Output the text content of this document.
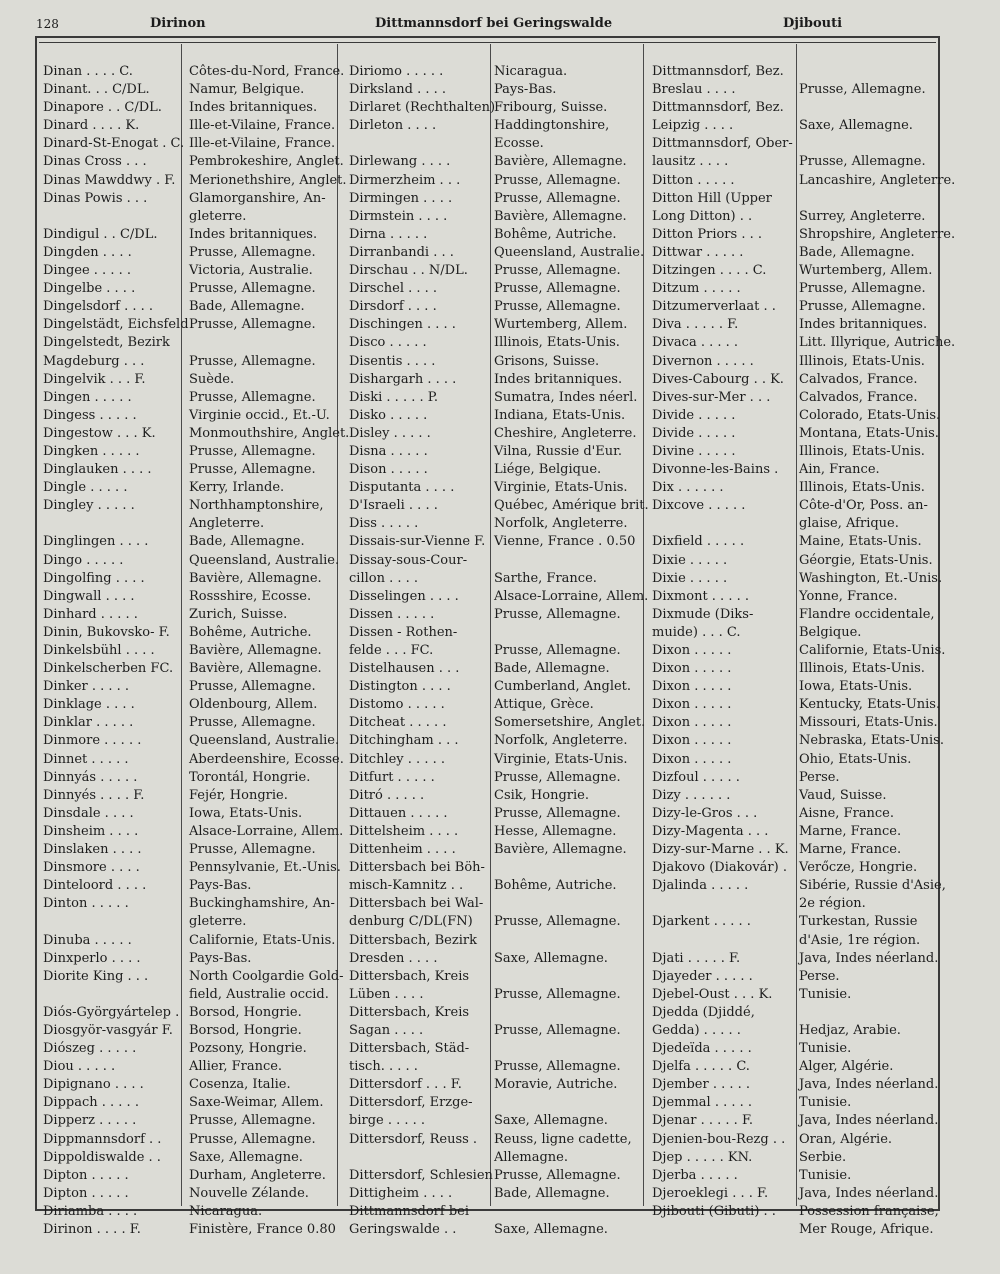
128	Dirinon	Dittmannsdorf bei Geringswalde	Djibouti
Dinan . . . . C.	Côtes-du-Nord, France.
Dinant. . . C/DL.	Namur, Belgique.
Dinapore . . C/DL. Indes britanniques.
Dinard . . . . K.	Ille-et-Vilaine, France.
Dinard-St-Enogat . C. Ille-et-Vilaine, France.
Dinas Cross . . .	Pembrokeshire, Anglet.
Dinas Mawddwy . F. Merionethshire, Anglet.
Dinas Powis . . .	Glamorganshire, An-
gleterre.
Dindigul . . C/DL. Indes britanniques.
Dingden . . . .	Prusse, Allemagne.
Dingee . . . . .	Victoria, Australie.
Dingelbe . . . .	Prusse, Allemagne.
Dingelsdorf . . . .	Bade, Allemagne.
Dingelstädt, Eichsfeld Prusse, Allemagne.
Dingelstedt, Bezirk
Magdeburg . . .	Prusse, Allemagne.
Dingelvik . . . F.	Suède.
Dingen . . . . .	Prusse, Allemagne.
Dingess . . . . .	Virginie occid., Et.-U.
Dingestow . . . K.	Monmouthshire, Anglet.
Dingken . . . . .	Prusse, Allemagne.
Dinglauken . . . .	Prusse, Allemagne.
Dingle . . . . .	Kerry, Irlande.
Dingley . . . . .	Northhamptonshire,
Angleterre.
Dinglingen . . . .	Bade, Allemagne.
Dingo . . . . .	Queensland, Australie.
Dingolfing . . . .	Bavière, Allemagne.
Dingwall . . . .	Rossshire, Ecosse.
Dinhard . . . . .	Zurich, Suisse.
Dinin, Bukovsko- F. Bohême, Autriche.
Dinkelsbühl . . . .	Bavière, Allemagne.
Dinkelscherben FC. Bavière, Allemagne.
Dinker . . . . .	Prusse, Allemagne.
Dinklage . . . .	Oldenbourg, Allem.
Dinklar . . . . .	Prusse, Allemagne.
Dinmore . . . . .	Queensland, Australie.
Dinnet . . . . .	Aberdeenshire, Ecosse.
Dinnyás . . . . .	Torontál, Hongrie.
Dinnyés . . . . F.	Fejér, Hongrie.
Dinsdale . . . .	Iowa, Etats-Unis.
Dinsheim . . . .	Alsace-Lorraine, Allem.
Dinslaken . . . .	Prusse, Allemagne.
Dinsmore . . . .	Pennsylvanie, Et.-Unis.
Dinteloord . . . .	Pays-Bas.
Dinton . . . . .	Buckinghamshire, An-
gleterre.
Dinuba . . . . .	Californie, Etats-Unis.
Dinxperlo . . . .	Pays-Bas.
Diorite King . . .	North Coolgardie Gold-
field, Australie occid.
Diós-Györgyártelep . Borsod, Hongrie.
Diosgyör-vasgyár F. Borsod, Hongrie.
Diószeg . . . . .	Pozsony, Hongrie.
Diou . . . . .	Allier, France.
Dipignano . . . .	Cosenza, Italie.
Dippach . . . . .	Saxe-Weimar, Allem.
Dipperz . . . . .	Prusse, Allemagne.
Dippmannsdorf . . Prusse, Allemagne.
Dippoldiswalde . . Saxe, Allemagne.
Dipton . . . . .	Durham, Angleterre.
Dipton . . . . .	Nouvelle Zélande.
Diriamba . . . .	Nicaragua.
Dirinon . . . . F.	Finistère, France 0.80
Diriomo . . . . .	Nicaragua.
Dirksland . . . .	Pays-Bas.
Dirlaret (Rechthalten)
Fribourg, Suisse.
Dirleton . . . .	Haddingtonshire,
Ecosse.
Dirlewang . . . .	Bavière, Allemagne.
Dirmerzheim . . .	Prusse, Allemagne.
Dirmingen . . . .	Prusse, Allemagne.
Dirmstein . . . .	Bavière, Allemagne.
Dirna . . . . .	Bohême, Autriche.
Dirranbandi . . .	Queensland, Australie.
Dirschau . . N/DL. Prusse, Allemagne.
Dirschel . . . .	Prusse, Allemagne.
Dirsdorf . . . .	Prusse, Allemagne.
Dischingen . . . .	Wurtemberg, Allem.
Disco . . . . .	Illinois, Etats-Unis.
Disentis . . . .	Grisons, Suisse.
Dishargarh . . . .	Indes britanniques.
Diski . . . . . P.	Sumatra, Indes néerl.
Disko . . . . .	Indiana, Etats-Unis.
Disley . . . . .	Cheshire, Angleterre.
Disna . . . . .	Vilna, Russie d'Eur.
Dison . . . . .	Liége, Belgique.
Disputanta . . . .	Virginie, Etats-Unis.
D'Israeli . . . .	Québec, Amérique brit.
Diss . . . . .	Norfolk, Angleterre.
Dissais-sur-Vienne F. Vienne, France . 0.50
Dissay-sous-Cour-
cillon . . . .	Sarthe, France.
Disselingen . . . .	Alsace-Lorraine, Allem.
Dissen . . . . .	Prusse, Allemagne.
Dissen - Rothen-
felde . . . FC.	Prusse, Allemagne.
Distelhausen . . .	Bade, Allemagne.
Distington . . . .	Cumberland, Anglet.
Distomo . . . . .	Attique, Grèce.
Ditcheat . . . . .	Somersetshire, Anglet.
Ditchingham . . .	Norfolk, Angleterre.
Ditchley . . . . .	Virginie, Etats-Unis.
Ditfurt . . . . .	Prusse, Allemagne.
Ditró . . . . .	Csik, Hongrie.
Dittauen . . . . .	Prusse, Allemagne.
Dittelsheim . . . .	Hesse, Allemagne.
Dittenheim . . . .	Bavière, Allemagne.
Dittersbach bei Böh-
misch-Kamnitz . . Bohême, Autriche.
Dittersbach bei Wal-
denburg C/DL(FN) Prusse, Allemagne.
Dittersbach, Bezirk
Dresden . . . .	Saxe, Allemagne.
Dittersbach, Kreis
Lüben . . . .	Prusse, Allemagne.
Dittersbach, Kreis
Sagan . . . .	Prusse, Allemagne.
Dittersbach, Städ-
tisch. . . . .	Prusse, Allemagne.
Dittersdorf . . . F. Moravie, Autriche.
Dittersdorf, Erzge-
birge . . . . .	Saxe, Allemagne.
Dittersdorf, Reuss . Reuss, ligne cadette,
Allemagne.
Dittersdorf, Schlesien Prusse, Allemagne.
Dittigheim . . . .	Bade, Allemagne.
Dittmannsdorf bei
Geringswalde . .	Saxe, Allemagne.
Dittmannsdorf, Bez.
Breslau . . . .	Prusse, Allemagne.
Dittmannsdorf, Bez.
Leipzig . . . .	Saxe, Allemagne.
Dittmannsdorf, Ober-
lausitz . . . .	Prusse, Allemagne.
Ditton . . . . .	Lancashire, Angleterre.
Ditton Hill (Upper
Long Ditton) . .	Surrey, Angleterre.
Ditton Priors . . .	Shropshire, Angleterre.
Dittwar . . . . .	Bade, Allemagne.
Ditzingen . . . . C.	Wurtemberg, Allem.
Ditzum . . . . .	Prusse, Allemagne.
Ditzumerverlaat . . Prusse, Allemagne.
Diva . . . . . F.	Indes britanniques.
Divaca . . . . .	Litt. Illyrique, Autriche.
Divernon . . . . .	Illinois, Etats-Unis.
Dives-Cabourg . . K. Calvados, France.
Dives-sur-Mer . . . Calvados, France.
Divide . . . . .	Colorado, Etats-Unis.
Divide . . . . .	Montana, Etats-Unis.
Divine . . . . .	Illinois, Etats-Unis.
Divonne-les-Bains . Ain, France.
Dix . . . . . .	Illinois, Etats-Unis.
Dixcove . . . . .	Côte-d'Or, Poss. an-
glaise, Afrique.
Dixfield . . . . .	Maine, Etats-Unis.
Dixie . . . . .	Géorgie, Etats-Unis.
Dixie . . . . .	Washington, Et.-Unis.
Dixmont . . . . .	Yonne, France.
Dixmude (Diks-	Flandre occidentale,
muide) . . . C.	Belgique.
Dixon . . . . .	Californie, Etats-Unis.
Dixon . . . . .	Illinois, Etats-Unis.
Dixon . . . . .	Iowa, Etats-Unis.
Dixon . . . . .	Kentucky, Etats-Unis.
Dixon . . . . .	Missouri, Etats-Unis.
Dixon . . . . .	Nebraska, Etats-Unis.
Dixon . . . . .	Ohio, Etats-Unis.
Dizfoul . . . . .	Perse.
Dizy . . . . . .	Vaud, Suisse.
Dizy-le-Gros . . .	Aisne, France.
Dizy-Magenta . . . Marne, France.
Dizy-sur-Marne . . K. Marne, France.
Djakovo (Diakovár) . Verőcze, Hongrie.
Djalinda . . . . .	Sibérie, Russie d'Asie,
2e région.
Djarkent . . . . .	Turkestan, Russie
d'Asie, 1re région.
Djati . . . . . F.	Java, Indes néerland.
Djayeder . . . . .	Perse.
Djebel-Oust . . . K. Tunisie.
Djedda (Djiddé,
Gedda) . . . . .	Hedjaz, Arabie.
Djedeïda . . . . .	Tunisie.
Djelfa . . . . . C.	Alger, Algérie.
Djember . . . . .	Java, Indes néerland.
Djemmal . . . . .	Tunisie.
Djenar . . . . . F.	Java, Indes néerland.
Djenien-bou-Rezg . . Oran, Algérie.
Djep . . . . . KN.	Serbie.
Djerba . . . . .	Tunisie.
Djeroeklegi . . . F. Java, Indes néerland.
Djibouti (Gibuti) . . Possession française,
Mer Rouge, Afrique.
